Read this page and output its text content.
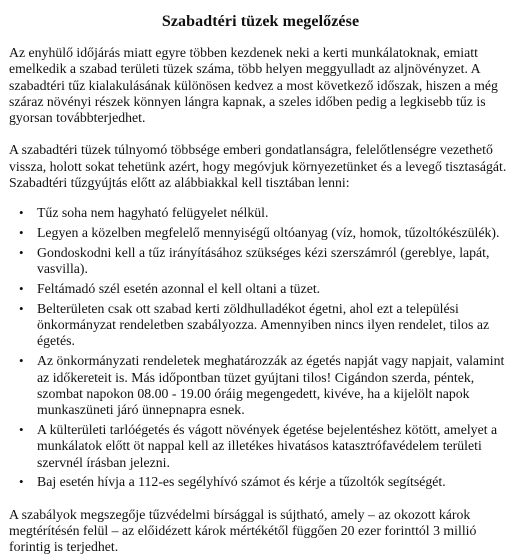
Szabadtéri tüzek megelőzése

Az enyhülő időjárás miatt egyre többen kezdenek neki a kerti munkálatoknak, emiatt emelkedik a szabad területi tüzek száma, több helyen meggyulladt az aljnövényzet. A szabadtéri tűz kialakulásának különösen kedvez a most következő időszak, hiszen a még száraz növényi részek könnyen lángra kapnak, a szeles időben pedig a legkisebb tűz is gyorsan továbbterjedhet.

A szabadtéri tüzek túlnyomó többsége emberi gondatlanságra, felelőtlenségre vezethető vissza, holott sokat tehetünk azért, hogy megóvjuk környezetünket és a levegő tisztaságát. Szabadtéri tűzgyújtás előtt az alábbiakkal kell tisztában lenni:

• Tűz soha nem hagyható felügyelet nélkül.
• Legyen a közelben megfelelő mennyiségű oltóanyag (víz, homok, tűzoltókészülék).
• Gondoskodni kell a tűz irányításához szükséges kézi szerszámról (gereblye, lapát, vasvilla).
• Feltámadó szél esetén azonnal el kell oltani a tüzet.
• Belterületen csak ott szabad kerti zöldhulladékot égetni, ahol ezt a települési önkormányzat rendeletben szabályozza. Amennyiben nincs ilyen rendelet, tilos az égetés.
• Az önkormányzati rendeletek meghatározzák az égetés napját vagy napjait, valamint az időkereteit is. Más időpontban tüzet gyújtani tilos! Cigándon szerda, péntek, szombat napokon 08.00 - 19.00 óráig megengedett, kivéve, ha a kijelölt napok munkaszüneti járó ünnepnapra esnek.
• A külterületi tarlóégetés és vágott növények égetése bejelentéshez kötött, amelyet a munkálatok előtt öt nappal kell az illetékes hivatásos katasztrófavédelem területi szervnél írásban jelezni.
• Baj esetén hívja a 112-es segélyhívó számot és kérje a tűzoltók segítségét.

A szabályok megszegője tűzvédelmi bírsággal is sújtható, amely – az okozott károk megtérítésén felül – az előidézett károk mértékétől függően 20 ezer forinttól 3 millió forintig is terjedhet.
